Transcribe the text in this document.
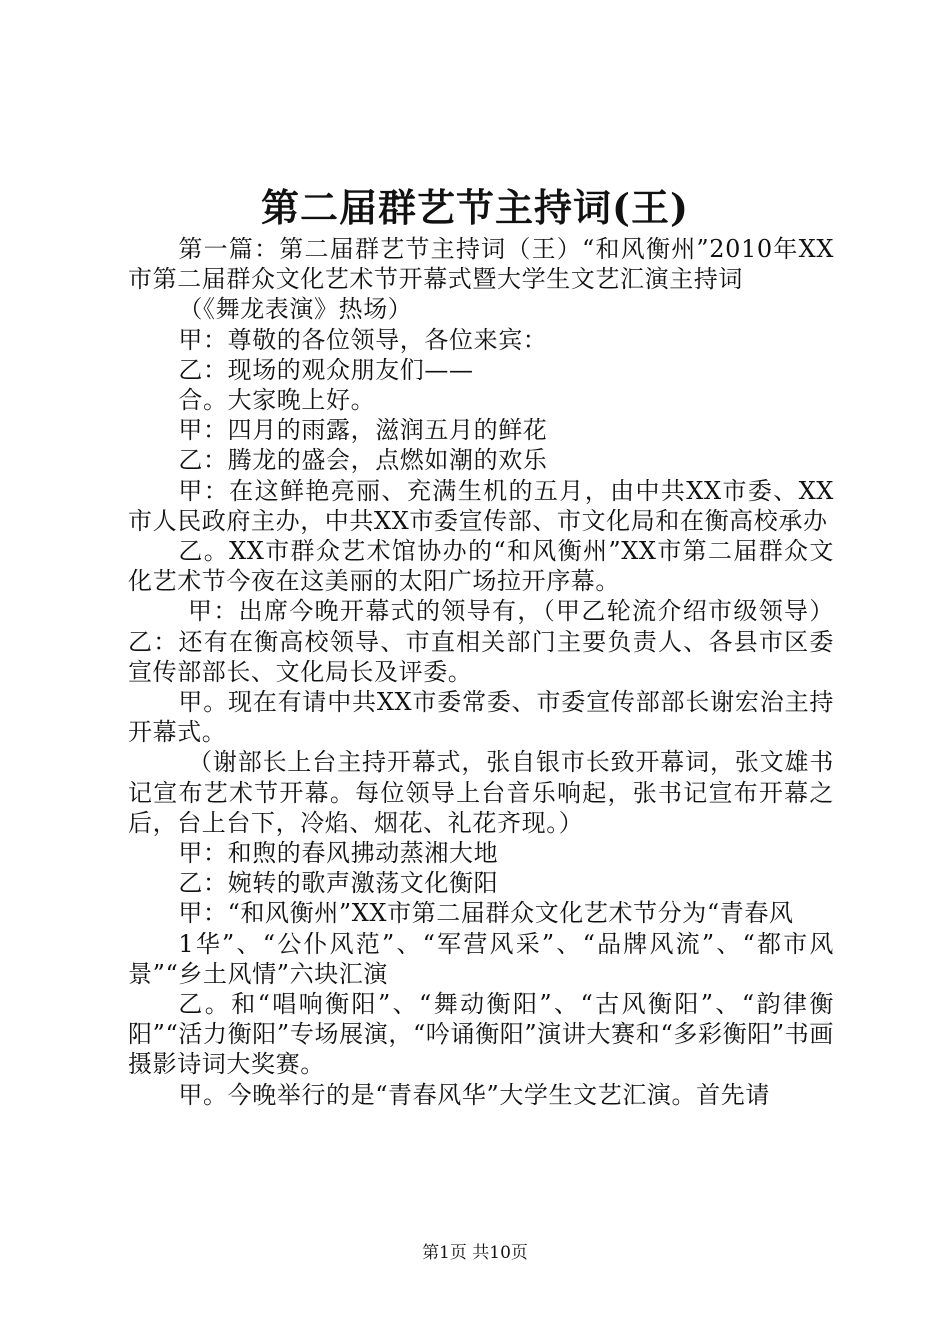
第二届群艺节主持词(王)

第一篇：第二届群艺节主持词（王）“和风衡州”2010年XX市第二届群众文化艺术节开幕式暨大学生文艺汇演主持词

（《舞龙表演》热场）

甲：尊敬的各位领导，各位来宾：

乙：现场的观众朋友们——

合。大家晚上好。

甲：四月的雨露，滋润五月的鲜花

乙：腾龙的盛会，点燃如潮的欢乐

甲：在这鲜艳亮丽、充满生机的五月，由中共XX市委、XX市人民政府主办，中共XX市委宣传部、市文化局和在衡高校承办

乙。XX市群众艺术馆协办的“和风衡州”XX市第二届群众文化艺术节今夜在这美丽的太阳广场拉开序幕。

甲：出席今晚开幕式的领导有，（甲乙轮流介绍市级领导）乙：还有在衡高校领导、市直相关部门主要负责人、各县市区委宣传部部长、文化局长及评委。

甲。现在有请中共XX市委常委、市委宣传部部长谢宏治主持开幕式。

（谢部长上台主持开幕式，张自银市长致开幕词，张文雄书记宣布艺术节开幕。每位领导上台音乐响起，张书记宣布开幕之后，台上台下，冷焰、烟花、礼花齐现。）

甲：和煦的春风拂动蒸湘大地

乙：婉转的歌声激荡文化衡阳

甲：“和风衡州”XX市第二届群众文化艺术节分为“青春风

1华”、“公仆风范”、“军营风采”、“品牌风流”、“都市风景”“乡土风情”六块汇演

乙。和“唱响衡阳”、“舞动衡阳”、“古风衡阳”、“韵律衡阳”“活力衡阳”专场展演，“吟诵衡阳”演讲大赛和“多彩衡阳”书画摄影诗词大奖赛。

甲。今晚举行的是“青春风华”大学生文艺汇演。首先请

第1页 共10页
